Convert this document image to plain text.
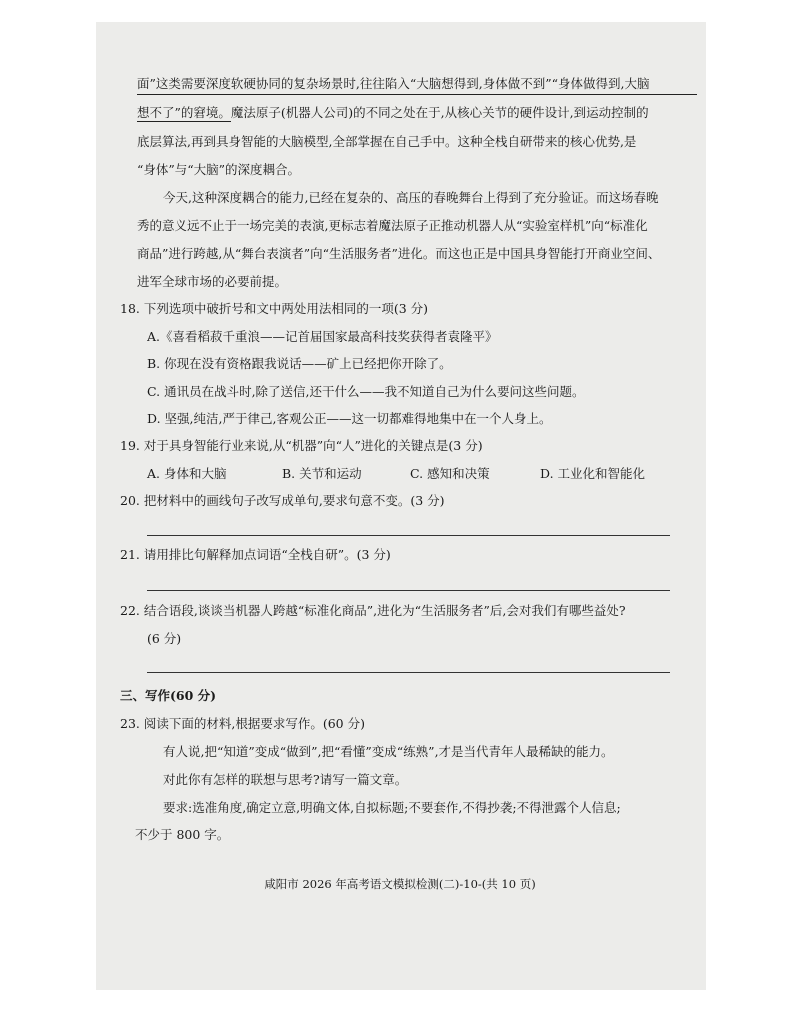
面”这类需要深度软硬协同的复杂场景时,往往陷入“大脑想得到,身体做不到”“身体做得到,大脑
想不了”的窘境。魔法原子(机器人公司)的不同之处在于,从核心关节的硬件设计,到运动控制的
底层算法,再到具身智能的大脑模型,全部掌握在自己手中。这种全栈自研带来的核心优势,是
“身体”与“大脑”的深度耦合。
今天,这种深度耦合的能力,已经在复杂的、高压的春晚舞台上得到了充分验证。而这场春晚
秀的意义远不止于一场完美的表演,更标志着魔法原子正推动机器人从“实验室样机”向“标准化
商品”进行跨越,从“舞台表演者”向“生活服务者”进化。而这也正是中国具身智能打开商业空间、
进军全球市场的必要前提。
18. 下列选项中破折号和文中两处用法相同的一项(3 分)
A.《喜看稻菽千重浪——记首届国家最高科技奖获得者袁隆平》
B. 你现在没有资格跟我说话——矿上已经把你开除了。
C. 通讯员在战斗时,除了送信,还干什么——我不知道自己为什么要问这些问题。
D. 坚强,纯洁,严于律己,客观公正——这一切都难得地集中在一个人身上。
19. 对于具身智能行业来说,从“机器”向“人”进化的关键点是(3 分)
A. 身体和大脑	B. 关节和运动	C. 感知和决策	D. 工业化和智能化
20. 把材料中的画线句子改写成单句,要求句意不变。(3 分)
21. 请用排比句解释加点词语“全栈自研”。(3 分)
22. 结合语段,谈谈当机器人跨越“标准化商品”,进化为“生活服务者”后,会对我们有哪些益处?
(6 分)
三、写作(60 分)
23. 阅读下面的材料,根据要求写作。(60 分)
有人说,把“知道”变成“做到”,把“看懂”变成“练熟”,才是当代青年人最稀缺的能力。
对此你有怎样的联想与思考?请写一篇文章。
要求:选准角度,确定立意,明确文体,自拟标题;不要套作,不得抄袭;不得泄露个人信息;
不少于 800 字。
咸阳市 2026 年高考语文模拟检测(二)-10-(共 10 页)
